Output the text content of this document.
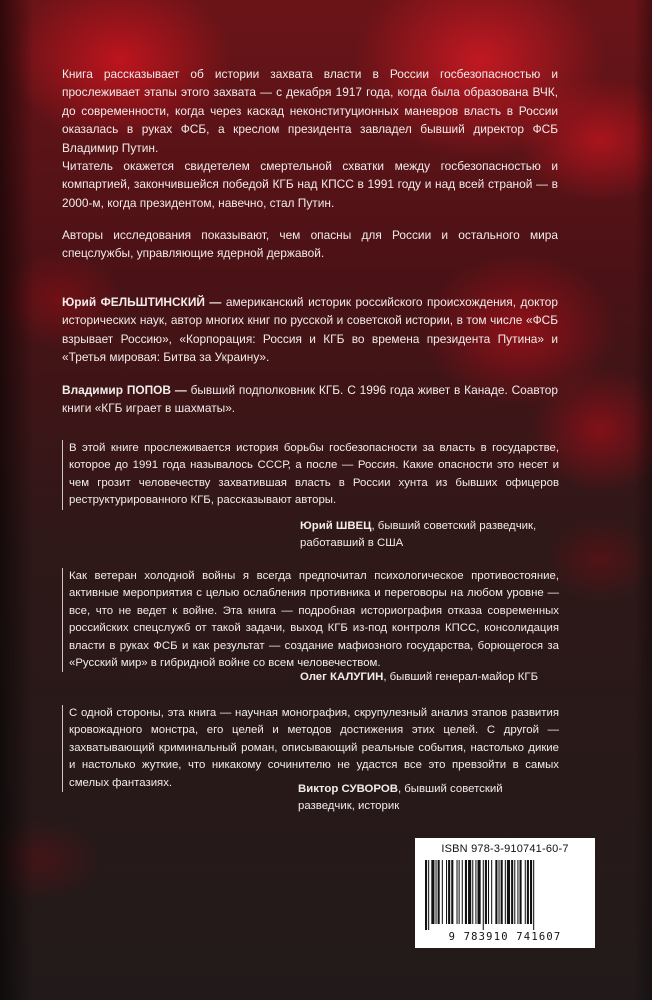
Книга рассказывает об истории захвата власти в России госбезопасностью и прослеживает этапы этого захвата — с декабря 1917 года, когда была образована ВЧК, до современности, когда через каскад неконституционных маневров власть в России оказалась в руках ФСБ, а креслом президента завладел бывший директор ФСБ Владимир Путин.

Читатель окажется свидетелем смертельной схватки между госбезопасностью и компартией, закончившейся победой КГБ над КПСС в 1991 году и над всей страной — в 2000-м, когда президентом, навечно, стал Путин.

Авторы исследования показывают, чем опасны для России и остального мира спецслужбы, управляющие ядерной державой.

Юрий ФЕЛЬШТИНСКИЙ — американский историк российского происхождения, доктор исторических наук, автор многих книг по русской и советской истории, в том числе «ФСБ взрывает Россию», «Корпорация: Россия и КГБ во времена президента Путина» и «Третья мировая: Битва за Украину».

Владимир ПОПОВ — бывший подполковник КГБ. С 1996 года живет в Канаде. Соавтор книги «КГБ играет в шахматы».

В этой книге прослеживается история борьбы госбезопасности за власть в государстве, которое до 1991 года называлось СССР, а после — Россия. Какие опасности это несет и чем грозит человечеству захватившая власть в России хунта из бывших офицеров реструктурированного КГБ, рассказывают авторы.

Юрий ШВЕЦ, бывший советский разведчик, работавший в США

Как ветеран холодной войны я всегда предпочитал психологическое противостояние, активные мероприятия с целью ослабления противника и переговоры на любом уровне — все, что не ведет к войне. Эта книга — подробная историография отказа современных российских спецслужб от такой задачи, выход КГБ из-под контроля КПСС, консолидация власти в руках ФСБ и как результат — создание мафиозного государства, борющегося за «Русский мир» в гибридной войне со всем человечеством.

Олег КАЛУГИН, бывший генерал-майор КГБ

С одной стороны, эта книга — научная монография, скрупулезный анализ этапов развития кровожадного монстра, его целей и методов достижения этих целей. С другой — захватывающий криминальный роман, описывающий реальные события, настолько дикие и настолько жуткие, что никакому сочинителю не удастся все это превзойти в самых смелых фантазиях.

Виктор СУВОРОВ, бывший советский разведчик, историк
ISBN 978-3-910741-60-7
9 783910 741607
